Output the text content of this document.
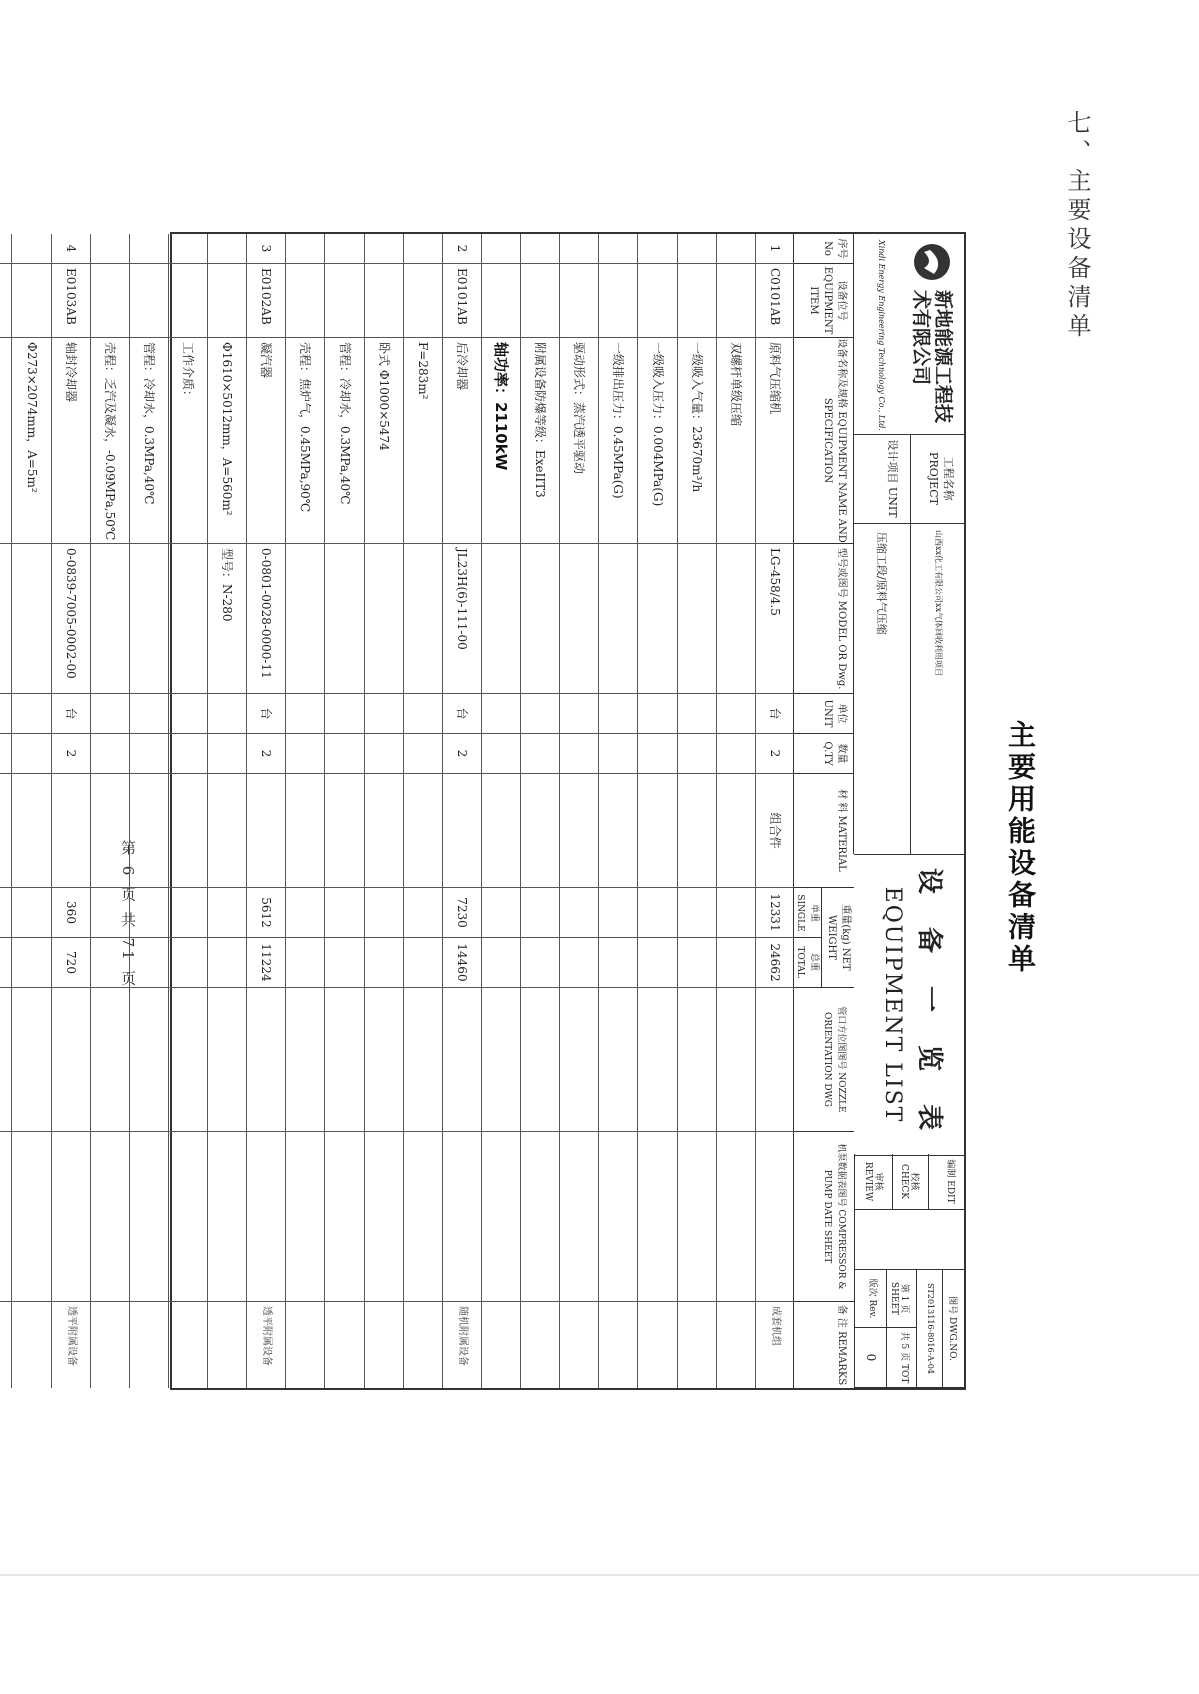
七、主要设备清单
主要用能设备清单
第 6 页 共 71 页
新地能源工程技术有限公司
Xindi Energy Engineering Technology Co., Ltd.
工程名称 PROJECT
山西xx化工有限公司xx气体回收利用项目
设计项目 UNIT
压缩工段/原料气压缩
设 备 一 览 表
EQUIPMENT LIST
编制 EDIT
校核 CHECK
审核 REVIEW
图号 DWG.NO.
ST2013116-8016-A-04
第 1 页 SHEET
共 5 页 TOT
版次 Rev.
0
序号 No
设备位号 EQUIPMENT ITEM
设备名称及规格 EQUIPMENT NAME AND SPECIFICATION
型号或图号 MODEL OR Dwg.
单位 UNIT
数量 Q.TY
材 料 MATERIAL
重量(kg) NET WEIGHT
单重 SINGLE总重 TOTAL
管口方位图图号 NOZZLE ORIENTATION DWG
机泵数据表图号 COMPRESSOR & PUMP DATE SHEET
备 注 REMARKS
1
C0101AB
原料气压缩机
LG-458/4.5
台
2
组合件
12331
24662
成套机组
双螺杆单级压缩
一级吸入气量：23670m³/h
一级吸入压力：0.004MPa(G)
一级排出压力：0.45MPa(G)
驱动形式：蒸汽透平驱动
附属设备防爆等级：ExeIIT3
轴功率：2110kW
2
E0101AB
后冷却器
JL23H(6)-111-00
台
2
7230
14460
随机附属设备
F=283m²
卧式 Φ1000×5474
管程：冷却水，0.3MPa,40℃
壳程：焦炉气，0.45MPa,90℃
3
E0102AB
凝汽器
0-0801-0028-0000-11
台
2
5612
11224
透平附属设备
Φ1610×5012mm，A=560m²
型号：N-280
工作介质：
管程：冷却水，0.3MPa,40℃
壳程：乏汽及凝水，-0.09MPa,50℃
4
E0103AB
轴封冷却器
0-0839-7005-0002-00
台
2
360
720
透平附属设备
Φ273×2074mm，A=5m²
